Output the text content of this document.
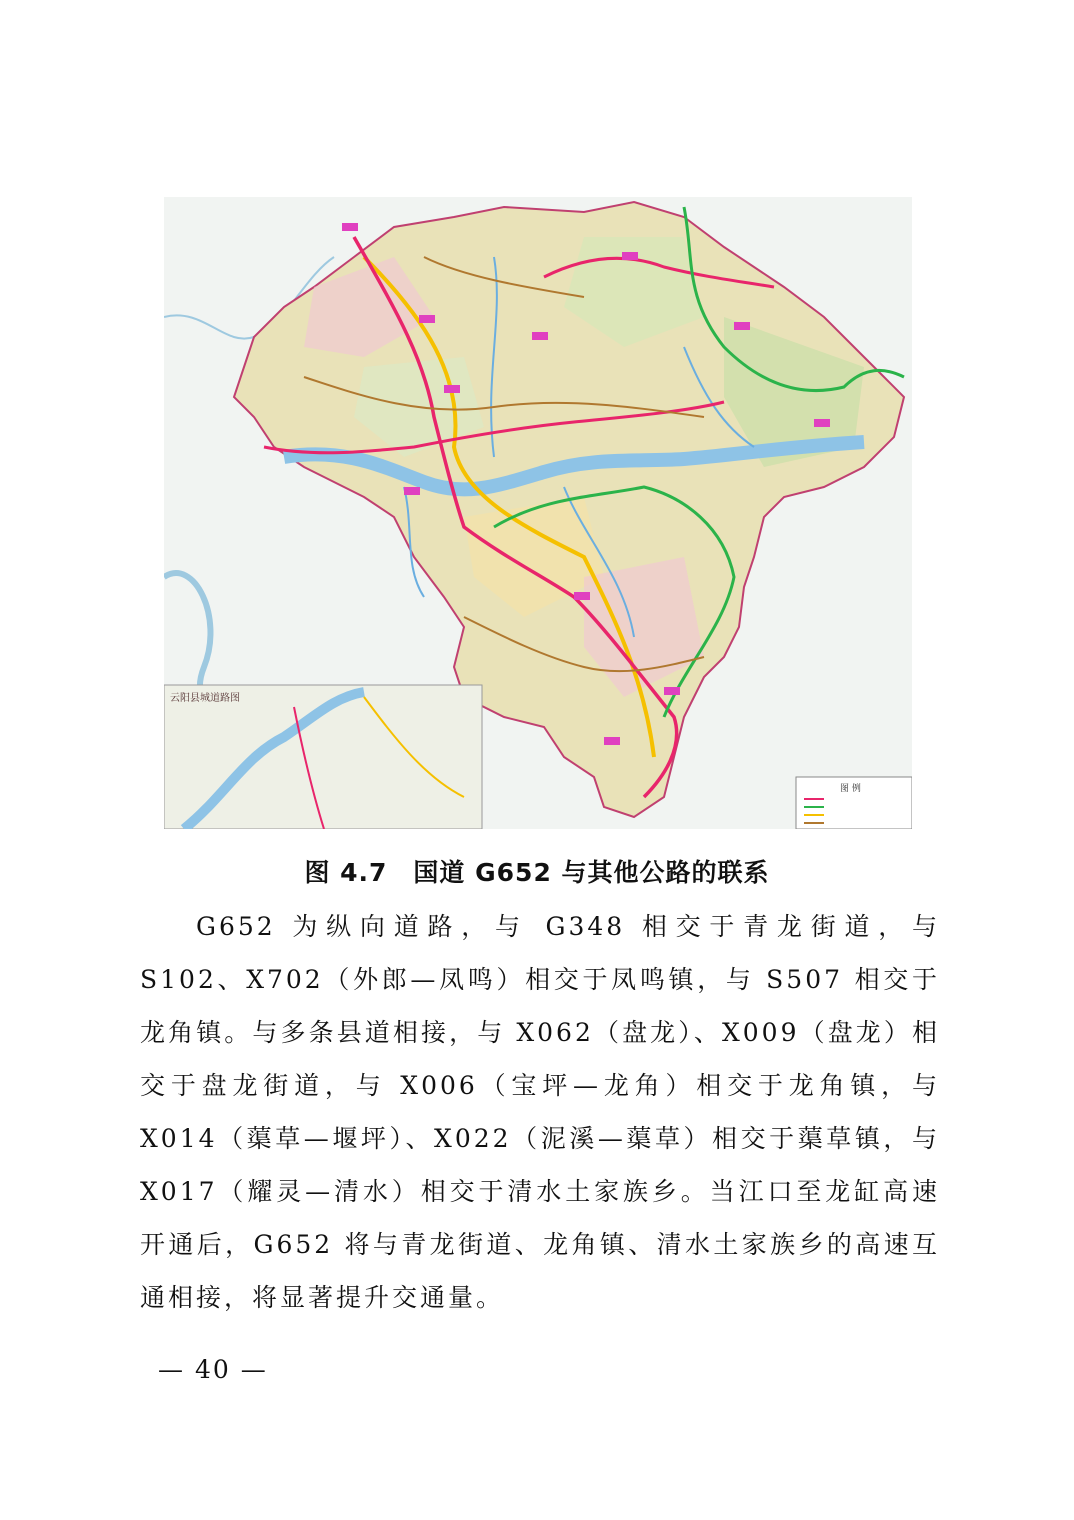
云阳县城道路图
图 例
图 4.7　国道 G652 与其他公路的联系

G652 为纵向道路，与 G348 相交于青龙街道，与 S102、X702（外郎—凤鸣）相交于凤鸣镇，与 S507 相交于龙角镇。与多条县道相接，与 X062（盘龙）、X009（盘龙）相交于盘龙街道，与 X006（宝坪—龙角）相交于龙角镇，与 X014（蕖草—堰坪）、X022（泥溪—蕖草）相交于蕖草镇，与 X017（耀灵—清水）相交于清水土家族乡。当江口至龙缸高速开通后，G652 将与青龙街道、龙角镇、清水土家族乡的高速互通相接，将显著提升交通量。

— 40 —
